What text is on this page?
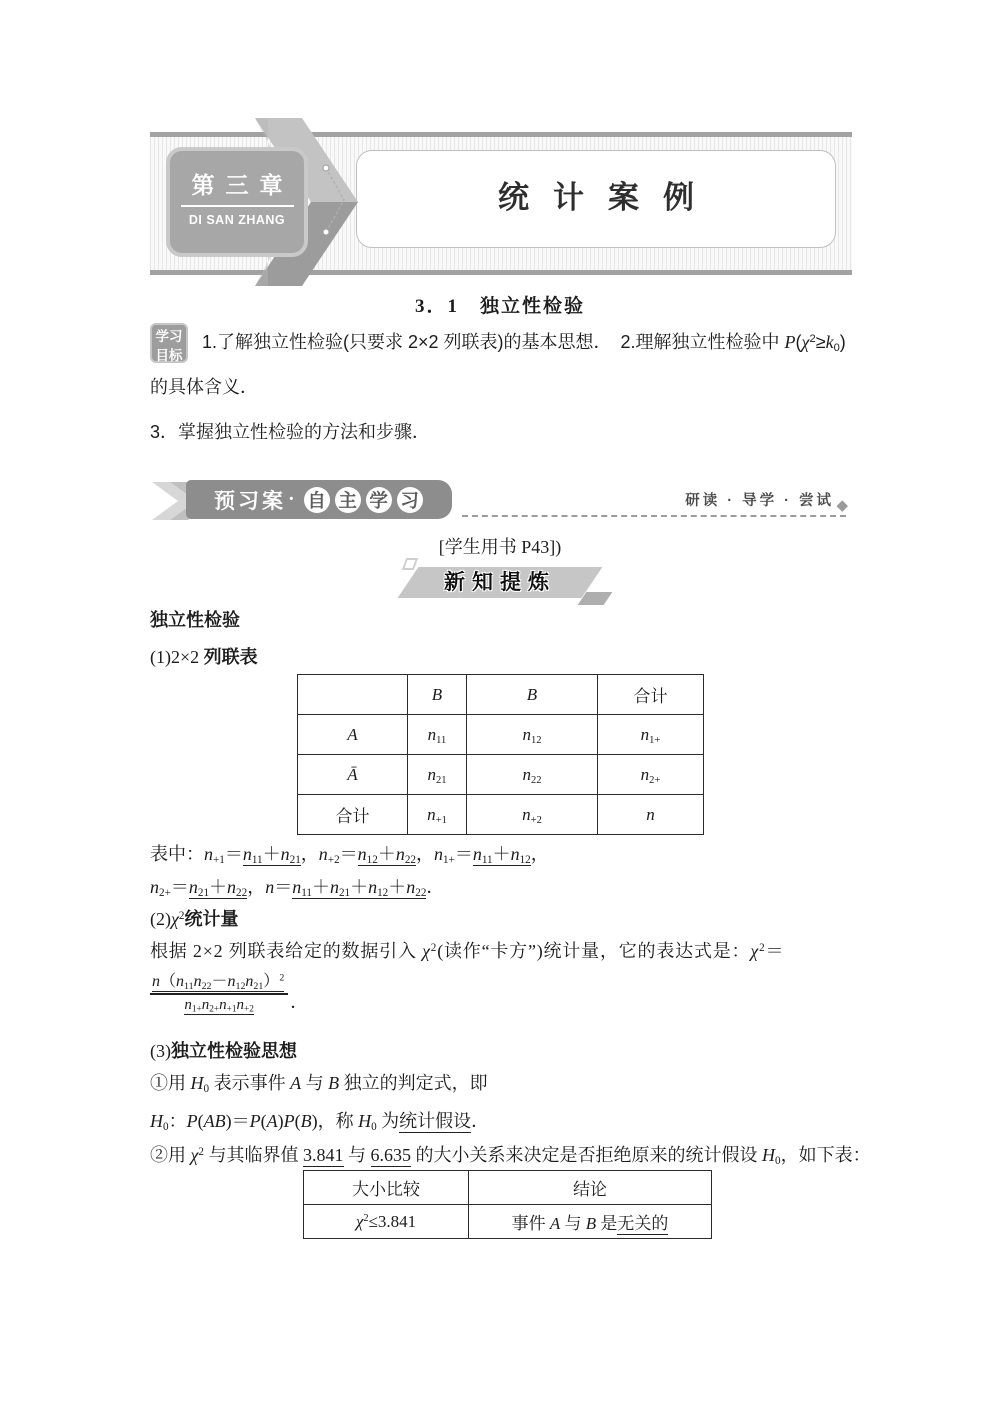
统计案例
第三章
DI SAN ZHANG
3．1　独立性检验
学习
目标
1.了解独立性检验(只要求 2×2 列联表)的基本思想．　2.理解独立性检验中 $P(\chi^2\ge k_0)$
的具体含义．
3．掌握独立性检验的方法和步骤．
预习案 · 自 主 学 习	◆
研读 · 导学 · 尝试
[学生用书 P43])
新知提炼
独立性检验
(1)2×2 列联表
	B	B	合计
A	$n_{11}$	$n_{12}$	$n_{1+}$
Ā	$n_{21}$	$n_{22}$	$n_{2+}$
合计	$n_{+1}$	$n_{+2}$	n
表中：$n_{+1}=n_{11}+n_{21}$，$n_{+2}=n_{12}+n_{22}$，$n_{1+}=n_{11}+n_{12}$，
$n_{2+}=n_{21}+n_{22}$，$n=n_{11}+n_{21}+n_{12}+n_{22}$．
$(2)\chi^2$统计量
根据 2×2 列联表给定的数据引入 $\chi^2$(读作“卡方”)统计量，它的表达式是：$\chi^2=$
$\frac{n(n_{11}n_{22}-n_{12}n_{21})^2}{n_{1+}n_{2+}n_{+1}n_{+2}}$ ．
(3)独立性检验思想
①用 $H_0$ 表示事件 A 与 B 独立的判定式，即
$H_0$：P(AB)＝P(A)P(B)，称 $H_0$ 为统计假设．
②用 $\chi^2$ 与其临界值 3.841 与 6.635 的大小关系来决定是否拒绝原来的统计假设 $H_0$，如下表：
大小比较	结论
$\chi^2\le 3.841$	事件 A 与 B 是无关的
